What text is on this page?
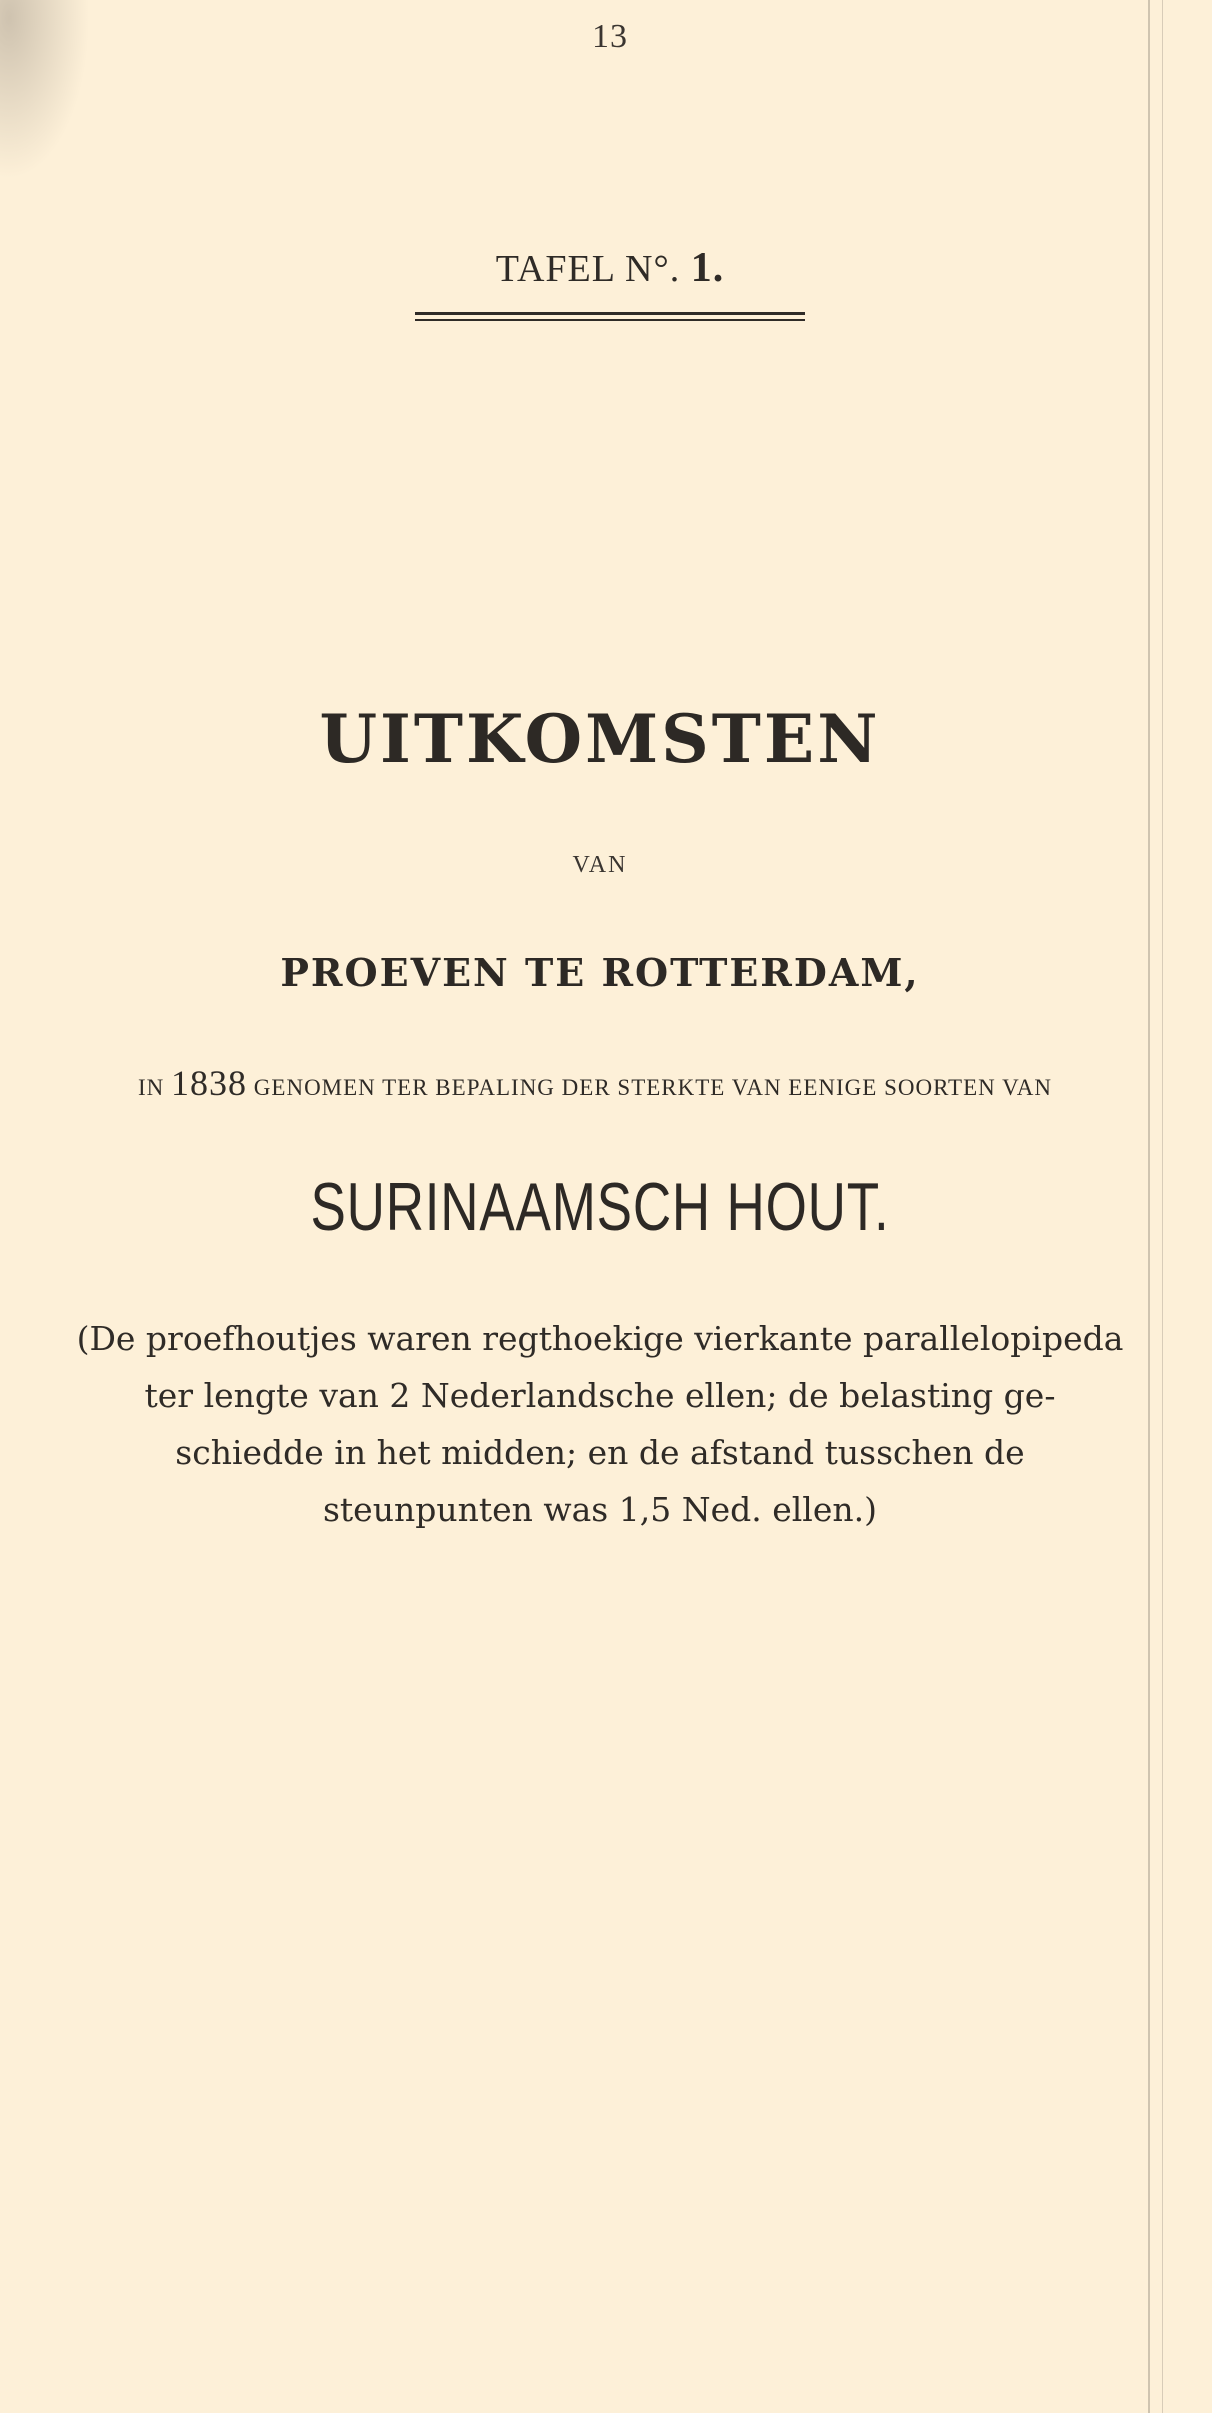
13
TAFEL N°. 1.
UITKOMSTEN
VAN
PROEVEN TE ROTTERDAM,
IN 1838 GENOMEN TER BEPALING DER STERKTE VAN EENIGE SOORTEN VAN
SURINAAMSCH HOUT.
(De proefhoutjes waren regthoekige vierkante parallelopipeda
ter lengte van 2 Nederlandsche ellen; de belasting ge-
schiedde in het midden; en de afstand tusschen de
steunpunten was 1,5 Ned. ellen.)
